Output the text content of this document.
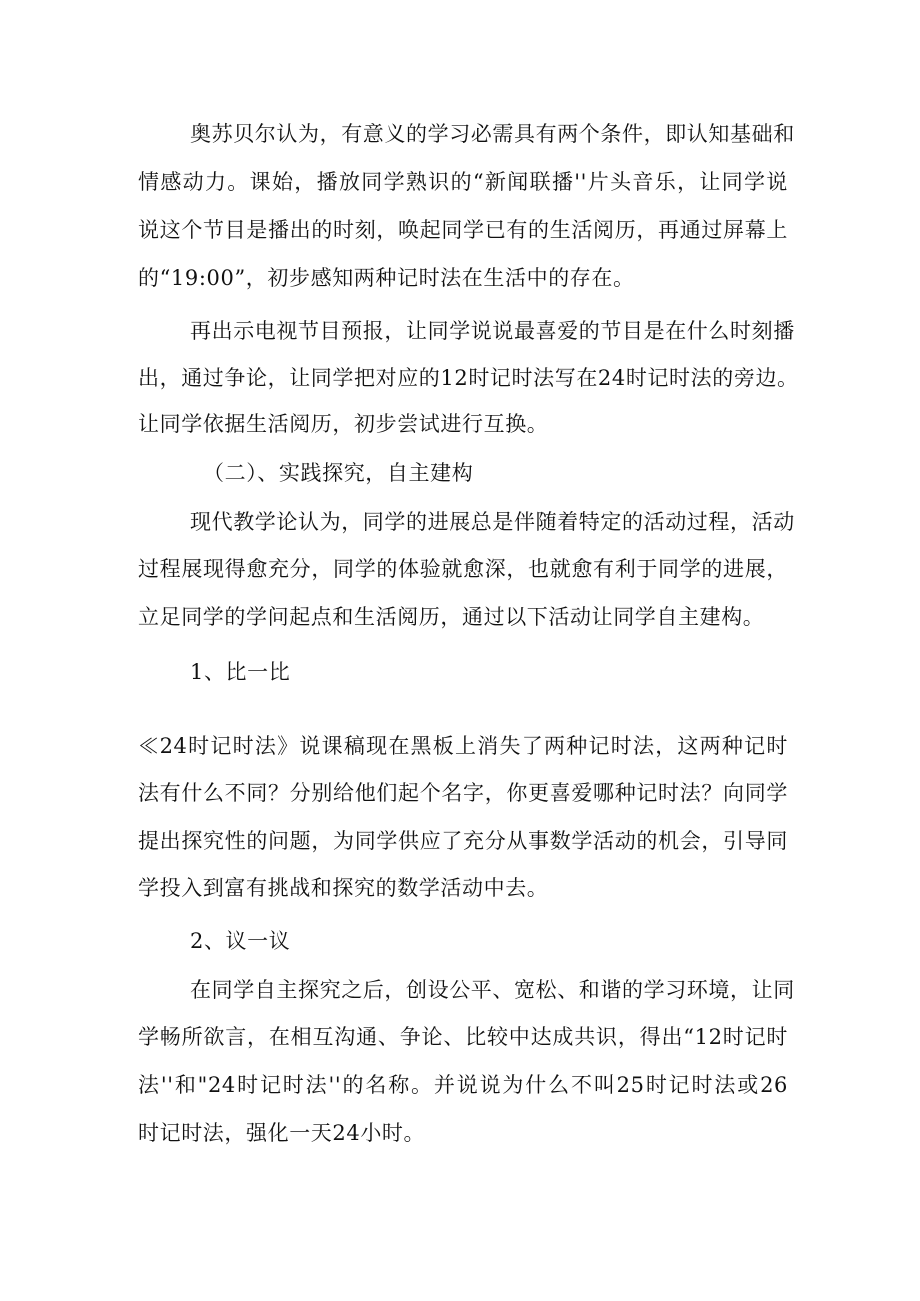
奥苏贝尔认为，有意义的学习必需具有两个条件，即认知基础和
情感动力。课始，播放同学熟识的“新闻联播''片头音乐，让同学说
说这个节目是播出的时刻，唤起同学已有的生活阅历，再通过屏幕上
的“19:00”，初步感知两种记时法在生活中的存在。
再出示电视节目预报，让同学说说最喜爱的节目是在什么时刻播
出，通过争论，让同学把对应的12时记时法写在24时记时法的旁边。
让同学依据生活阅历，初步尝试进行互换。
（二）、实践探究，自主建构
现代教学论认为，同学的进展总是伴随着特定的活动过程，活动
过程展现得愈充分，同学的体验就愈深，也就愈有利于同学的进展，
立足同学的学问起点和生活阅历，通过以下活动让同学自主建构。
1、比一比
≪24时记时法》说课稿现在黑板上消失了两种记时法，这两种记时
法有什么不同？分别给他们起个名字，你更喜爱哪种记时法？向同学
提出探究性的问题，为同学供应了充分从事数学活动的机会，引导同
学投入到富有挑战和探究的数学活动中去。
2、议一议
在同学自主探究之后，创设公平、宽松、和谐的学习环境，让同
学畅所欲言，在相互沟通、争论、比较中达成共识，得出“12时记时
法''和"24时记时法''的名称。并说说为什么不叫25时记时法或26
时记时法，强化一天24小时。
